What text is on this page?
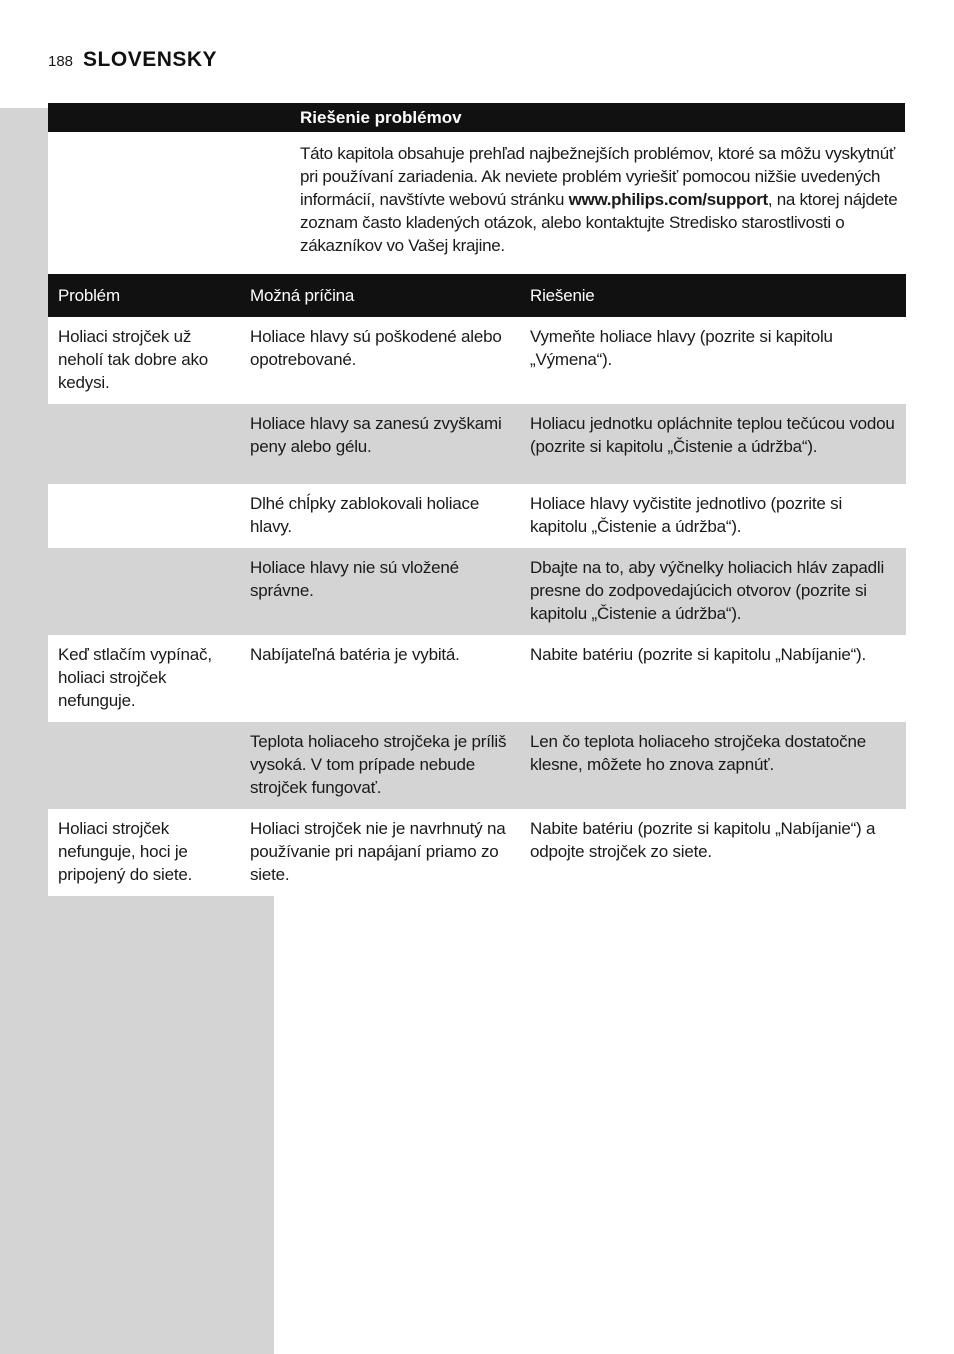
188 SLOVENSKY
Riešenie problémov
Táto kapitola obsahuje prehľad najbežnejších problémov, ktoré sa môžu vyskytnúť pri používaní zariadenia. Ak neviete problém vyriešiť pomocou nižšie uvedených informácií, navštívte webovú stránku www.philips.com/support, na ktorej nájdete zoznam často kladených otázok, alebo kontaktujte Stredisko starostlivosti o zákazníkov vo Vašej krajine.
Problém	Možná príčina	Riešenie
Holiaci strojček už neholí tak dobre ako kedysi.	Holiace hlavy sú poškodené alebo opotrebované.	Vymeňte holiace hlavy (pozrite si kapitolu „Výmena“).
	Holiace hlavy sa zanesú zvyškami peny alebo gélu.	Holiacu jednotku opláchnite teplou tečúcou vodou (pozrite si kapitolu „Čistenie a údržba“).
	Dlhé chĺpky zablokovali holiace hlavy.	Holiace hlavy vyčistite jednotlivo (pozrite si kapitolu „Čistenie a údržba“).
	Holiace hlavy nie sú vložené správne.	Dbajte na to, aby výčnelky holiacich hláv zapadli presne do zodpovedajúcich otvorov (pozrite si kapitolu „Čistenie a údržba“).
Keď stlačím vypínač, holiaci strojček nefunguje.	Nabíjateľná batéria je vybitá.	Nabite batériu (pozrite si kapitolu „Nabíjanie“).
	Teplota holiaceho strojčeka je príliš vysoká. V tom prípade nebude strojček fungovať.	Len čo teplota holiaceho strojčeka dostatočne klesne, môžete ho znova zapnúť.
Holiaci strojček nefunguje, hoci je pripojený do siete.	Holiaci strojček nie je navrhnutý na používanie pri napájaní priamo zo siete.	Nabite batériu (pozrite si kapitolu „Nabíjanie“) a odpojte strojček zo siete.
